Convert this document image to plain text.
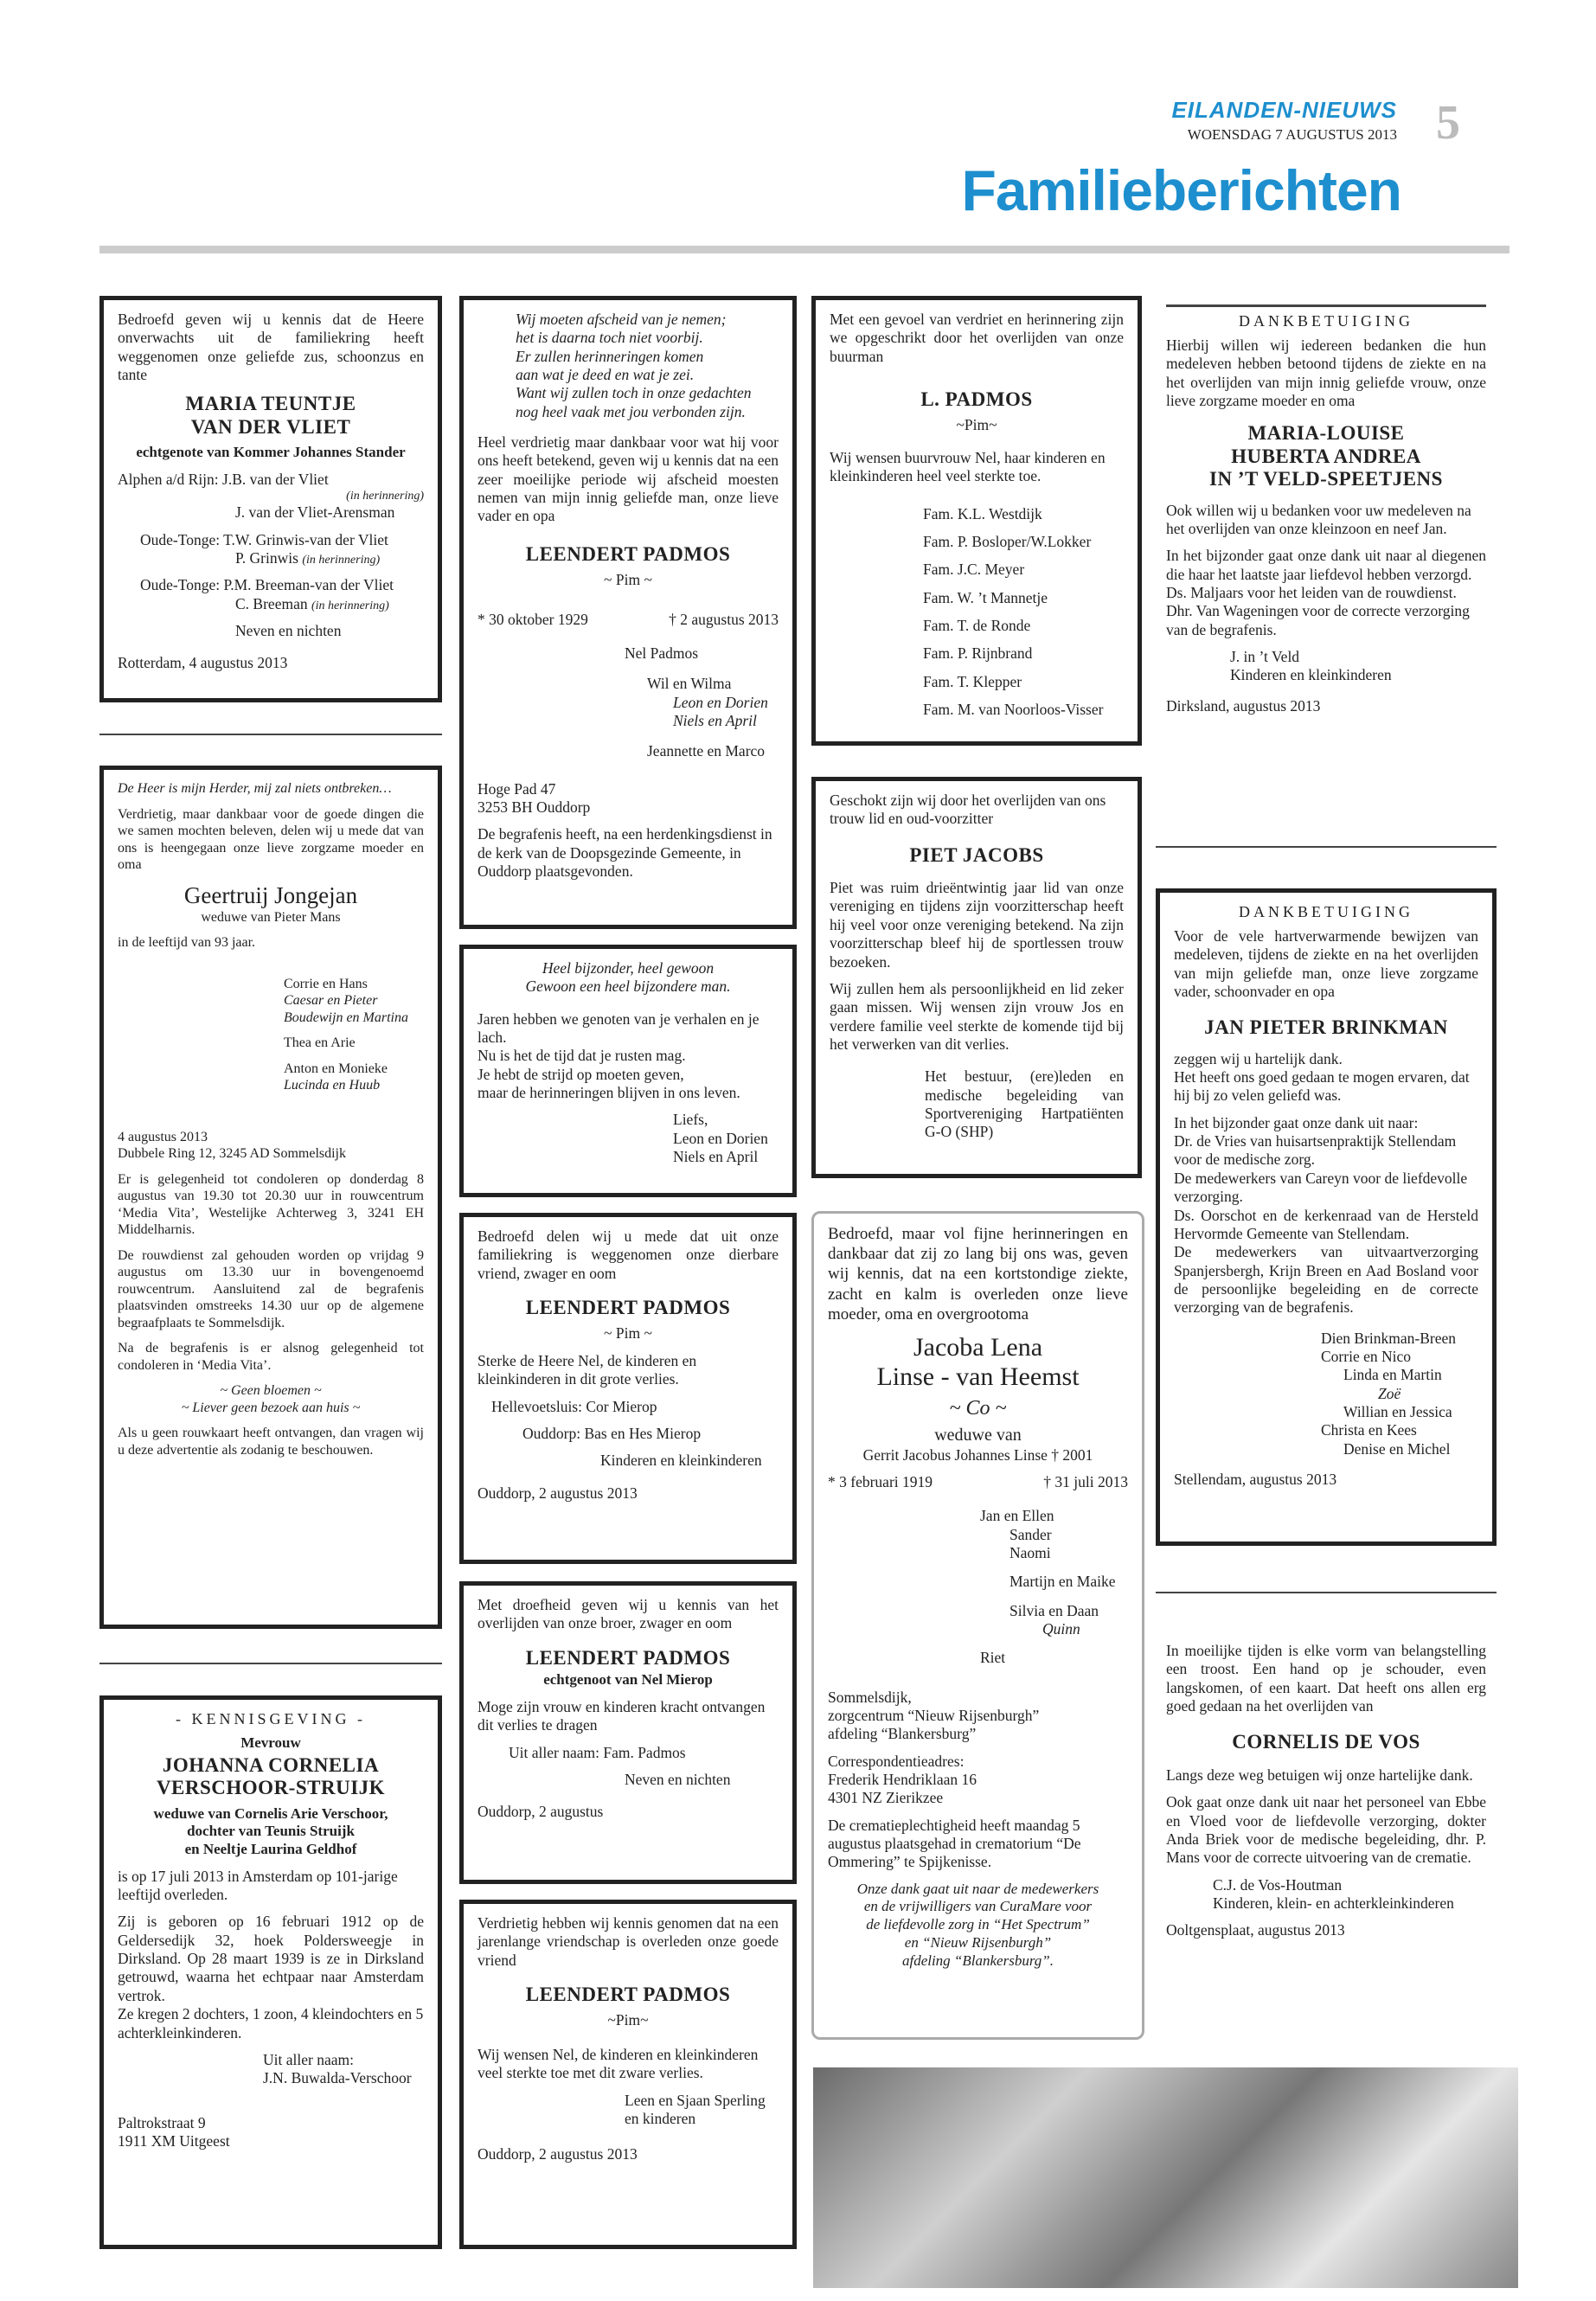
EILANDEN-NIEUWS
WOENSDAG 7 AUGUSTUS 2013 5
Familieberichten

Bedroefd geven wij u kennis dat de Heere onverwachts uit de familiekring heeft weggenomen onze geliefde zus, schoonzus en tante

MARIA TEUNTJE
VAN DER VLIET

echtgenote van Kommer Johannes Stander

Alphen a/d Rijn: J.B. van der Vliet
(in herinnering)
J. van der Vliet-Arensman
Oude-Tonge: T.W. Grinwis-van der Vliet
P. Grinwis (in herinnering)
Oude-Tonge: P.M. Breeman-van der Vliet
C. Breeman (in herinnering)
Neven en nichten
Rotterdam, 4 augustus 2013

De Heer is mijn Herder, mij zal niets ontbreken…

Verdrietig, maar dankbaar voor de goede dingen die we samen mochten beleven, delen wij u mede dat van ons is heengegaan onze lieve zorgzame moeder en oma

Geertruij Jongejan

weduwe van Pieter Mans

in de leeftijd van 93 jaar.

Corrie en Hans
Caesar en Pieter
Boudewijn en Martina
Thea en Arie
Anton en Monieke
Lucinda en Huub
4 augustus 2013

Dubbele Ring 12, 3245 AD Sommelsdijk

Er is gelegenheid tot condoleren op donderdag 8 augustus van 19.30 tot 20.30 uur in rouwcentrum ‘Media Vita’, Westelijke Achterweg 3, 3241 EH Middelharnis.

De rouwdienst zal gehouden worden op vrijdag 9 augustus om 13.30 uur in bovengenoemd rouwcentrum. Aansluitend zal de begrafenis plaatsvinden omstreeks 14.30 uur op de algemene begraafplaats te Sommelsdijk.

Na de begrafenis is er alsnog gelegenheid tot condoleren in ‘Media Vita’.

~ Geen bloemen ~

~ Liever geen bezoek aan huis ~

Als u geen rouwkaart heeft ontvangen, dan vragen wij u deze advertentie als zodanig te beschouwen.

- KENNISGEVING -
Mevrouw
JOHANNA CORNELIA
VERSCHOOR-STRUIJK
weduwe van Cornelis Arie Verschoor,
dochter van Teunis Struijk

en Neeltje Laurina Geldhof

is op 17 juli 2013 in Amsterdam op 101-jarige leeftijd overleden.

Zij is geboren op 16 februari 1912 op de Geldersedijk 32, hoek Poldersweegje in Dirksland. Op 28 maart 1939 is ze in Dirksland getrouwd, waarna het echtpaar naar Amsterdam vertrok.

Ze kregen 2 dochters, 1 zoon, 4 kleindochters en 5 achterkleinkinderen.

Uit aller naam:

J.N. Buwalda-Verschoor

Paltrokstraat 9
1911 XM Uitgeest
Wij moeten afscheid van je nemen;
het is daarna toch niet voorbij.
Er zullen herinneringen komen
aan wat je deed en wat je zei.
Want wij zullen toch in onze gedachten
nog heel vaak met jou verbonden zijn.

Heel verdrietig maar dankbaar voor wat hij voor ons heeft betekend, geven wij u kennis dat na een zeer moeilijke periode wij afscheid moesten nemen van mijn innig geliefde man, onze lieve vader en opa

LEENDERT PADMOS

~ Pim ~

* 30 oktober 1929	† 2 augustus 2013
Nel Padmos
Wil en Wilma
Leon en Dorien
Niels en April
Jeannette en Marco
Hoge Pad 47

3253 BH Ouddorp

De begrafenis heeft, na een herdenkingsdienst in de kerk van de Doopsgezinde Gemeente, in Ouddorp plaatsgevonden.
Heel bijzonder, heel gewoon

Gewoon een heel bijzondere man.

Jaren hebben we genoten van je verhalen en je lach.
Nu is het de tijd dat je rusten mag.
Je hebt de strijd op moeten geven,

maar de herinneringen blijven in ons leven.

Liefs,
Leon en Dorien
Niels en April

Bedroefd delen wij u mede dat uit onze familiekring is weggenomen onze dierbare vriend, zwager en oom

LEENDERT PADMOS

~ Pim ~

Sterke de Heere Nel, de kinderen en kleinkinderen in dit grote verlies.

Hellevoetsluis: Cor Mierop
Ouddorp: Bas en Hes Mierop

Kinderen en kleinkinderen

Ouddorp, 2 augustus 2013

Met droefheid geven wij u kennis van het overlijden van onze broer, zwager en oom

LEENDERT PADMOS

echtgenoot van Nel Mierop

Moge zijn vrouw en kinderen kracht ontvangen dit verlies te dragen

Uit aller naam: Fam. Padmos

Neven en nichten

Ouddorp, 2 augustus

Verdrietig hebben wij kennis genomen dat na een jarenlange vriendschap is overleden onze goede vriend

LEENDERT PADMOS

~Pim~

Wij wensen Nel, de kinderen en kleinkinderen veel sterkte toe met dit zware verlies.

Leen en Sjaan Sperling

en kinderen

Ouddorp, 2 augustus 2013

Met een gevoel van verdriet en herinnering zijn we opgeschrikt door het overlijden van onze buurman

L. PADMOS

~Pim~

Wij wensen buurvrouw Nel, haar kinderen en kleinkinderen heel veel sterkte toe.

Fam. K.L. Westdijk
Fam. P. Bosloper/W.Lokker
Fam. J.C. Meyer
Fam. W. ’t Mannetje
Fam. T. de Ronde
Fam. P. Rijnbrand
Fam. T. Klepper
Fam. M. van Noorloos-Visser

Geschokt zijn wij door het overlijden van ons trouw lid en oud-voorzitter

PIET JACOBS

Piet was ruim drieëntwintig jaar lid van onze vereniging en tijdens zijn voorzitterschap heeft hij veel voor onze vereniging betekend. Na zijn voorzitterschap bleef hij de sportlessen trouw bezoeken.

Wij zullen hem als persoonlijkheid en lid zeker gaan missen. Wij wensen zijn vrouw Jos en verdere familie veel sterkte de komende tijd bij het verwerken van dit verlies.

Het bestuur, (ere)leden en medische begeleiding van Sportvereniging Hartpatiënten G-O (SHP)

Bedroefd, maar vol fijne herinneringen en dankbaar dat zij zo lang bij ons was, geven wij kennis, dat na een kortstondige ziekte, zacht en kalm is overleden onze lieve moeder, oma en overgrootoma

Jacoba Lena
Linse - van Heemst
~ Co ~
weduwe van

Gerrit Jacobus Johannes Linse † 2001

* 3 februari 1919	† 31 juli 2013
Jan en Ellen
Sander
Naomi
Martijn en Maike
Silvia en Daan
Quinn
Riet
Sommelsdijk,
zorgcentrum “Nieuw Rijsenburgh”

afdeling “Blankersburg”

Correspondentieadres:
Frederik Hendriklaan 16

4301 NZ Zierikzee

De crematieplechtigheid heeft maandag 5 augustus plaatsgehad in crematorium “De Ommering” te Spijkenisse.

Onze dank gaat uit naar de medewerkers
en de vrijwilligers van CuraMare voor
de liefdevolle zorg in “Het Spectrum”
en “Nieuw Rijsenburgh”
afdeling “Blankersburg”.
DANKBETUIGING

Hierbij willen wij iedereen bedanken die hun medeleven hebben betoond tijdens de ziekte en na het overlijden van mijn innig geliefde vrouw, onze lieve zorgzame moeder en oma

MARIA-LOUISE
HUBERTA ANDREA
IN ’T VELD-SPEETJENS

Ook willen wij u bedanken voor uw medeleven na het overlijden van onze kleinzoon en neef Jan.

In het bijzonder gaat onze dank uit naar al diegenen die haar het laatste jaar liefdevol hebben verzorgd.
Ds. Maljaars voor het leiden van de rouwdienst.

Dhr. Van Wageningen voor de correcte verzorging van de begrafenis.

J. in ’t Veld

Kinderen en kleinkinderen

Dirksland, augustus 2013
DANKBETUIGING

Voor de vele hartverwarmende bewijzen van medeleven, tijdens de ziekte en na het overlijden van mijn geliefde man, onze lieve zorgzame vader, schoonvader en opa

JAN PIETER BRINKMAN
zeggen wij u hartelijk dank.

Het heeft ons goed gedaan te mogen ervaren, dat hij bij zo velen geliefd was.

In het bijzonder gaat onze dank uit naar:
Dr. de Vries van huisartsenpraktijk Stellendam voor de medische zorg.
De medewerkers van Careyn voor de liefdevolle verzorging.
Ds. Oorschot en de kerkenraad van de Hersteld Hervormde Gemeente van Stellendam.

De medewerkers van uitvaartverzorging Spanjersbergh, Krijn Breen en Aad Bosland voor de persoonlijke begeleiding en de correcte verzorging van de begrafenis.

Dien Brinkman-Breen
Corrie en Nico
Linda en Martin
Zoë
Willian en Jessica
Christa en Kees

Denise en Michel

Stellendam, augustus 2013

In moeilijke tijden is elke vorm van belangstelling een troost. Een hand op je schouder, even langskomen, of een kaart. Dat heeft ons allen erg goed gedaan na het overlijden van

CORNELIS DE VOS

Langs deze weg betuigen wij onze hartelijke dank.

Ook gaat onze dank uit naar het personeel van Ebbe en Vloed voor de liefdevolle verzorging, dokter Anda Briek voor de medische begeleiding, dhr. P. Mans voor de correcte uitvoering van de crematie.

C.J. de Vos-Houtman

Kinderen, klein- en achterkleinkinderen

Ooltgensplaat, augustus 2013
